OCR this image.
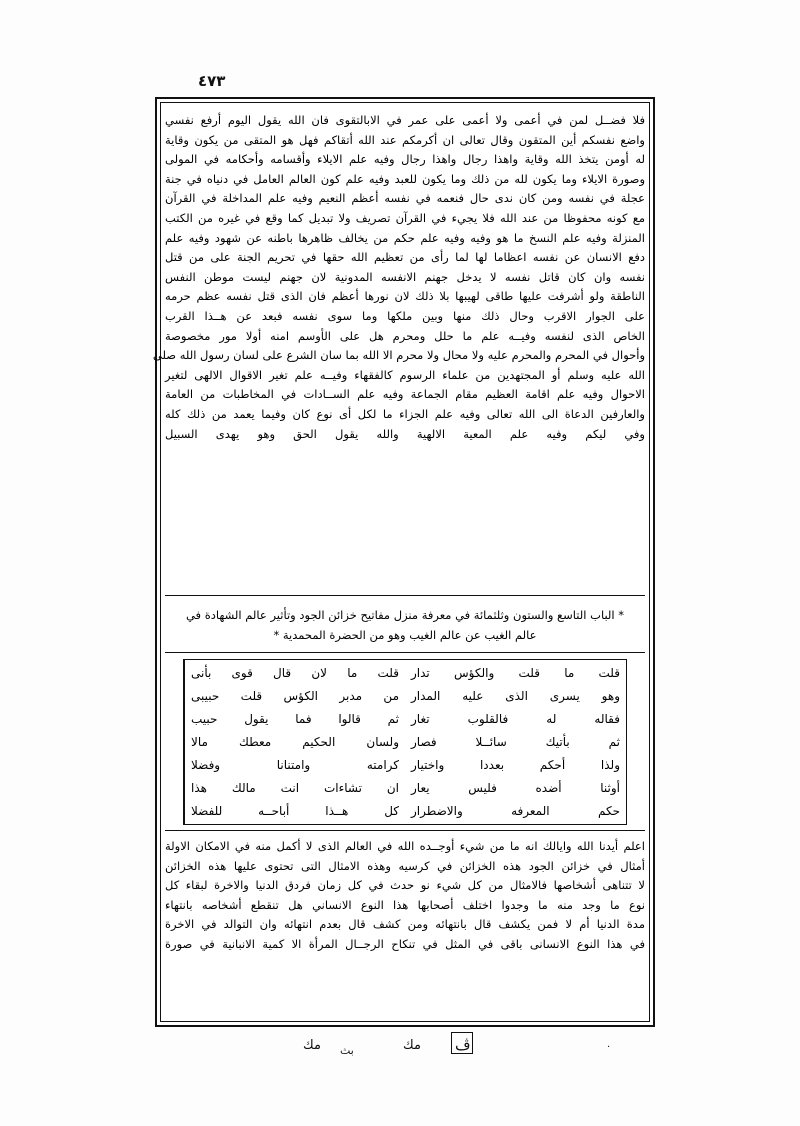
٤٧٣
فلا فضــل لمن في أعمى ولا أعمى على عمر في الابالتقوى فان الله يقول اليوم أرفع نفسي
واضع نفسكم أين المتقون وقال تعالى ان أكرمكم عند الله أتقاكم فهل هو المتقى من يكون وقاية
له أومن يتخذ الله وقاية واهذا رجال واهذا رجال وفيه علم الايلاء وأقسامه وأحكامه في المولى
وصورة الايلاء وما يكون لله من ذلك وما يكون للعبد وفيه علم كون العالم العامل في دنياه في جنة
عجلة في نفسه ومن كان ندى حال فنعمه في نفسه أعظم النعيم وفيه علم المداخلة في القرآن
مع كونه محفوظا من عند الله فلا يجيء في القرآن تصريف ولا تبديل كما وقع في غيره من الكتب
المنزلة وفيه علم النسخ ما هو وفيه وفيه علم حكم من يخالف ظاهرها باطنه عن شهود وفيه علم
دفع الانسان عن نفسه اعظاما لها لما رأى من تعظيم الله حقها في تحريم الجنة على من قتل
نفسه وان كان قاتل نفسه لا يدخل جهنم الانفسه المدونية لان جهنم ليست موطن النفس
الناطقة ولو أشرفت عليها طاقى لهيبها بلا ذلك لان نورها أعظم فان الذى قتل نفسه عظم حرمه
على الجوار الاقرب وحال ذلك منها وبين ملكها وما سوى نفسه فبعد عن هــذا القرب
الخاص الذى لنفسه وفيــه علم ما حلل ومحرم هل على الأوسم امنه أولا مور مخصوصة
وأحوال في المحرم والمحرم عليه ولا محال ولا محرم الا الله بما سان الشرع على لسان رسول الله صلى
الله عليه وسلم أو المجتهدين من علماء الرسوم كالفقهاء وفيــه علم تغير الاقوال الالهى لتغير
الاحوال وفيه علم اقامة العظيم مقام الجماعة وفيه علم الســادات في المخاطبات من العامة
والعارفين الدعاة الى الله تعالى وفيه علم الجزاء ما لكل أى نوع كان وفيما يعمد من ذلك كله
وفي ليكم وفيه علم المعية الالهية والله يقول الحق وهو يهدى السبيل
* الباب التاسع والستون وثلثمائة في معرفة منزل مفاتيح خزائن الجود وتأثير عالم الشهادة في
عالم الغيب عن عالم الغيب وهو من الحضرة المحمدية *
قلت ما لان قال قوى بأنى
من مدبر الكؤس قلت حبيبى
ثم قالوا فما يقول حبيب
ولسان الحكيم معطك مالا
كرامته وامتنانا وفضلا
ان تشاءات انت مالك هذا
كل هــذا أباحــه للفضلا
قلت ما قلت والكؤس تدار
وهو يسرى الذى عليه المدار
فقاله له فالقلوب تغار
ثم بأتيك سائــلا فصار
ولذا أحكم بعددا واختيار
أوثنا أضده فليس يعار
حكم المعرفه والاضطرار
اعلم أيدنا الله وايالك انه ما من شيء أوجــده الله في العالم الذى لا أكمل منه في الامكان الاولة
أمثال في خزائن الجود هذه الخزائن في كرسيه وهذه الامثال التى تحتوى عليها هذه الخزائن
لا تتناهى أشخاصها فالامثال من كل شيء نو حدث في كل زمان فردق الدنيا والاخرة لبقاء كل
نوع ما وجد منه ما وجدوا اختلف أصحابها هذا النوع الانساني هل تنقطع أشخاصه بانتهاء
مدة الدنيا أم لا فمن يكشف قال بانتهائه ومن كشف قال بعدم انتهائه وان التوالد في الاخرة
في هذا النوع الانسانى باقى في المثل في تنكاح الرجــال المرأة الا كمية الانبانية في صورة
مك بث	مك ڤ	·
